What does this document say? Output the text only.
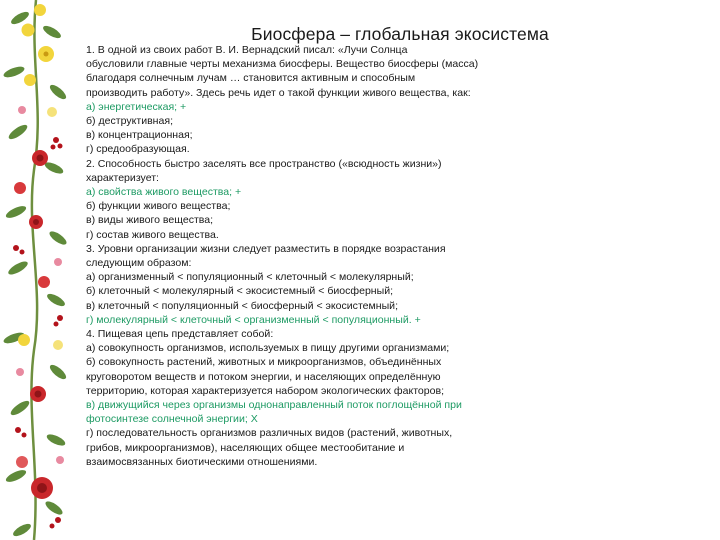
Биосфера – глобальная экосистема
1. В одной из своих работ В. И. Вернадский писал: «Лучи Солнца
обусловили главные черты механизма биосферы. Вещество биосферы (масса)
благодаря солнечным лучам … становится активным и способным
производить работу». Здесь речь идет о такой функции живого вещества, как:
а) энергетическая; +
б) деструктивная;
в) концентрационная;
г) средообразующая.
2. Способность быстро заселять все пространство («всюдность жизни»)
характеризует:
а) свойства живого вещества; +
б) функции живого вещества;
в) виды живого вещества;
г) состав живого вещества.
3. Уровни организации жизни следует разместить в порядке возрастания
следующим образом:
а) организменный < популяционный < клеточный < молекулярный;
б) клеточный < молекулярный < экосистемный < биосферный;
в) клеточный < популяционный < биосферный < экосистемный;
г) молекулярный < клеточный < организменный < популяционный. +
4. Пищевая цепь представляет собой:
а) совокупность организмов, используемых в пищу другими организмами;
б) совокупность растений, животных и микроорганизмов, объединённых
круговоротом веществ и потоком энергии, и населяющих определённую
территорию, которая характеризуется набором экологических факторов;
в) движущийся через организмы однонаправленный поток поглощённой при
фотосинтезе солнечной энергии; Х
г) последовательность организмов различных видов (растений, животных,
грибов, микроорганизмов), населяющих общее местообитание и
взаимосвязанных биотическими отношениями.
